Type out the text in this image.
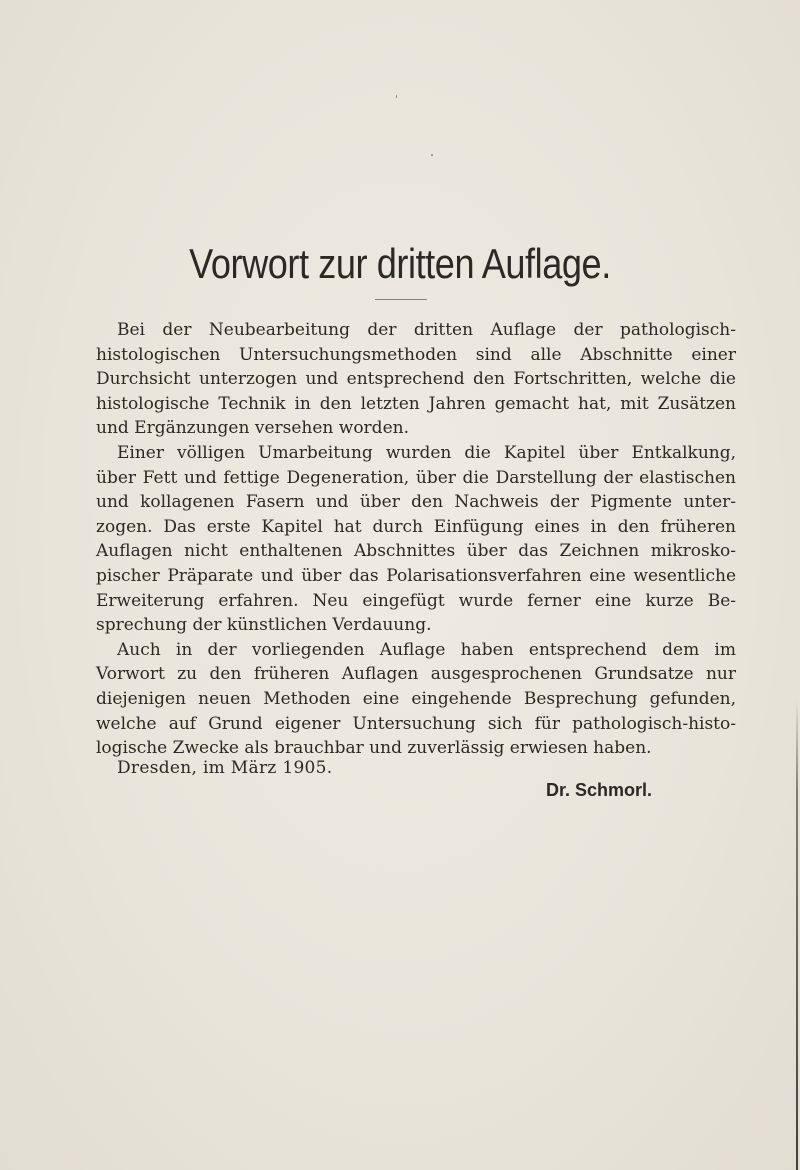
Vorwort zur dritten Auflage.
Bei der Neubearbeitung der dritten Auflage der pathologisch-
histologischen Untersuchungsmethoden sind alle Abschnitte einer
Durchsicht unterzogen und entsprechend den Fortschritten, welche die
histologische Technik in den letzten Jahren gemacht hat, mit Zusätzen
und Ergänzungen versehen worden.
Einer völligen Umarbeitung wurden die Kapitel über Entkalkung,
über Fett und fettige Degeneration, über die Darstellung der elastischen
und kollagenen Fasern und über den Nachweis der Pigmente unter-
zogen. Das erste Kapitel hat durch Einfügung eines in den früheren
Auflagen nicht enthaltenen Abschnittes über das Zeichnen mikrosko-
pischer Präparate und über das Polarisationsverfahren eine wesentliche
Erweiterung erfahren. Neu eingefügt wurde ferner eine kurze Be-
sprechung der künstlichen Verdauung.
Auch in der vorliegenden Auflage haben entsprechend dem im
Vorwort zu den früheren Auflagen ausgesprochenen Grundsatze nur
diejenigen neuen Methoden eine eingehende Besprechung gefunden,
welche auf Grund eigener Untersuchung sich für pathologisch-histo-
logische Zwecke als brauchbar und zuverlässig erwiesen haben.
Dresden, im März 1905.
Dr. Schmorl.
